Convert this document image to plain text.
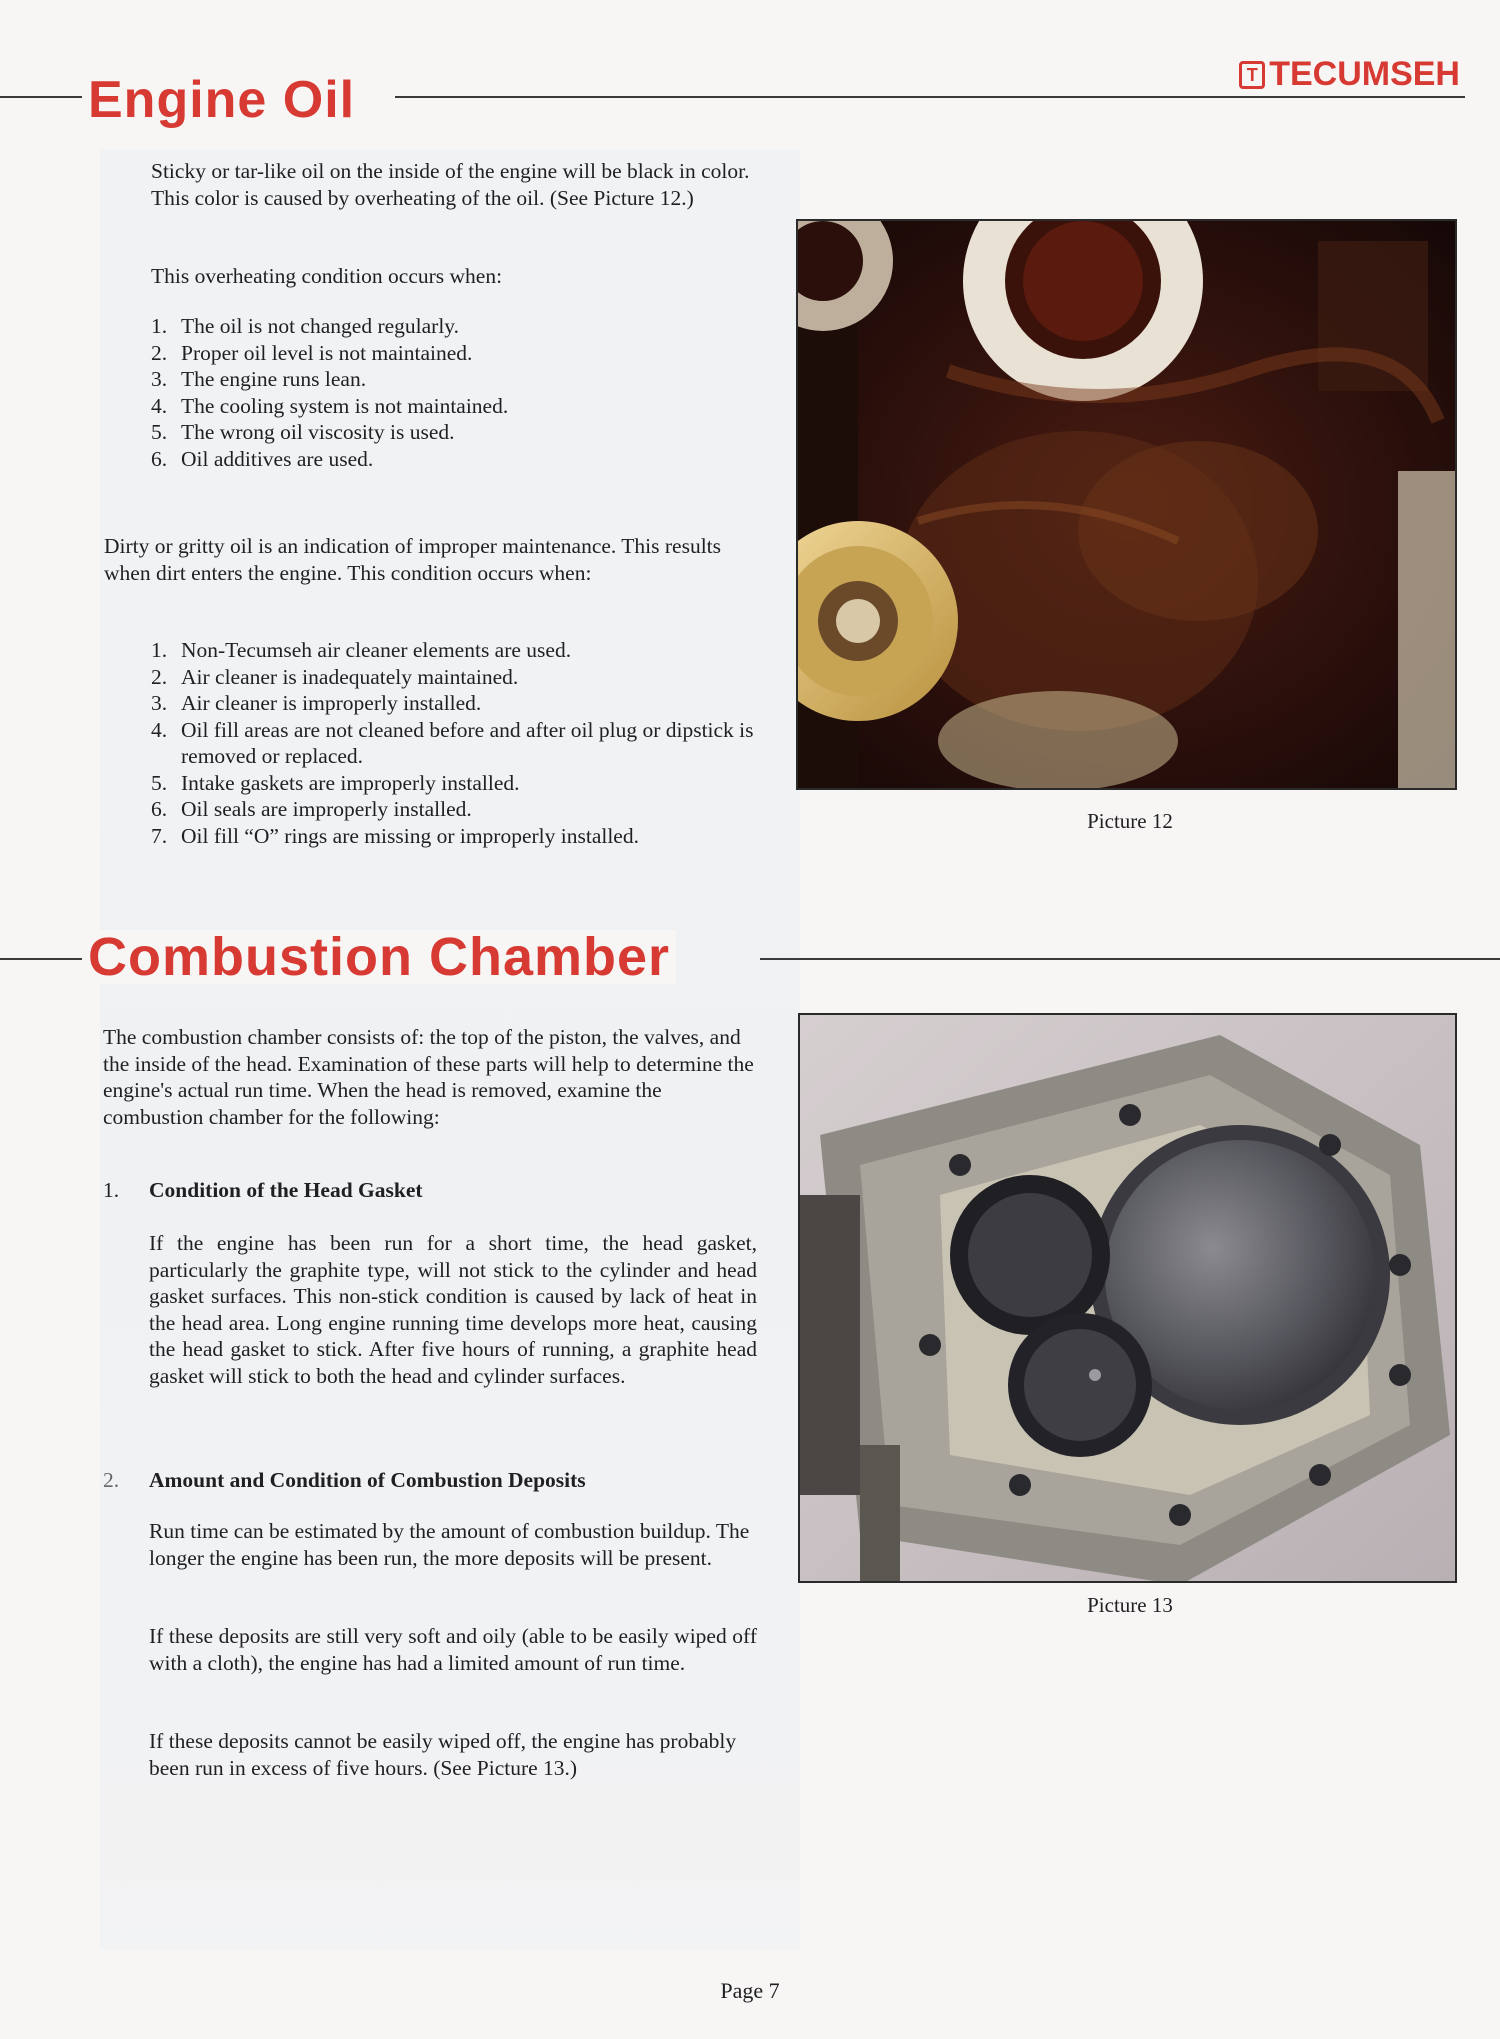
Engine Oil	T TECUMSEH

Sticky or tar-like oil on the inside of the engine will be black in color. This color is caused by overheating of the oil. (See Picture 12.)

This overheating condition occurs when:

1. The oil is not changed regularly.
2. Proper oil level is not maintained.
3. The engine runs lean.
4. The cooling system is not maintained.
5. The wrong oil viscosity is used.
6. Oil additives are used.

Dirty or gritty oil is an indication of improper maintenance. This results when dirt enters the engine. This condition occurs when:

1. Non-Tecumseh air cleaner elements are used.
2. Air cleaner is inadequately maintained.
3. Air cleaner is improperly installed.
4. Oil fill areas are not cleaned before and after oil plug or dipstick is removed or replaced.
5. Intake gaskets are improperly installed.
6. Oil seals are improperly installed.
7. Oil fill “O” rings are missing or improperly installed.
Picture 12
Combustion Chamber

The combustion chamber consists of: the top of the piston, the valves, and the inside of the head. Examination of these parts will help to determine the engine's actual run time. When the head is removed, examine the combustion chamber for the following:

1. Condition of the Head Gasket

If the engine has been run for a short time, the head gasket, particularly the graphite type, will not stick to the cylinder and head gasket surfaces. This non-stick condition is caused by lack of heat in the head area. Long engine running time develops more heat, causing the head gasket to stick. After five hours of running, a graphite head gasket will stick to both the head and cylinder surfaces.

2. Amount and Condition of Combustion Deposits

Run time can be estimated by the amount of combustion buildup. The longer the engine has been run, the more deposits will be present.

If these deposits are still very soft and oily (able to be easily wiped off with a cloth), the engine has had a limited amount of run time.

If these deposits cannot be easily wiped off, the engine has probably been run in excess of five hours. (See Picture 13.)

Picture 13
Page 7
